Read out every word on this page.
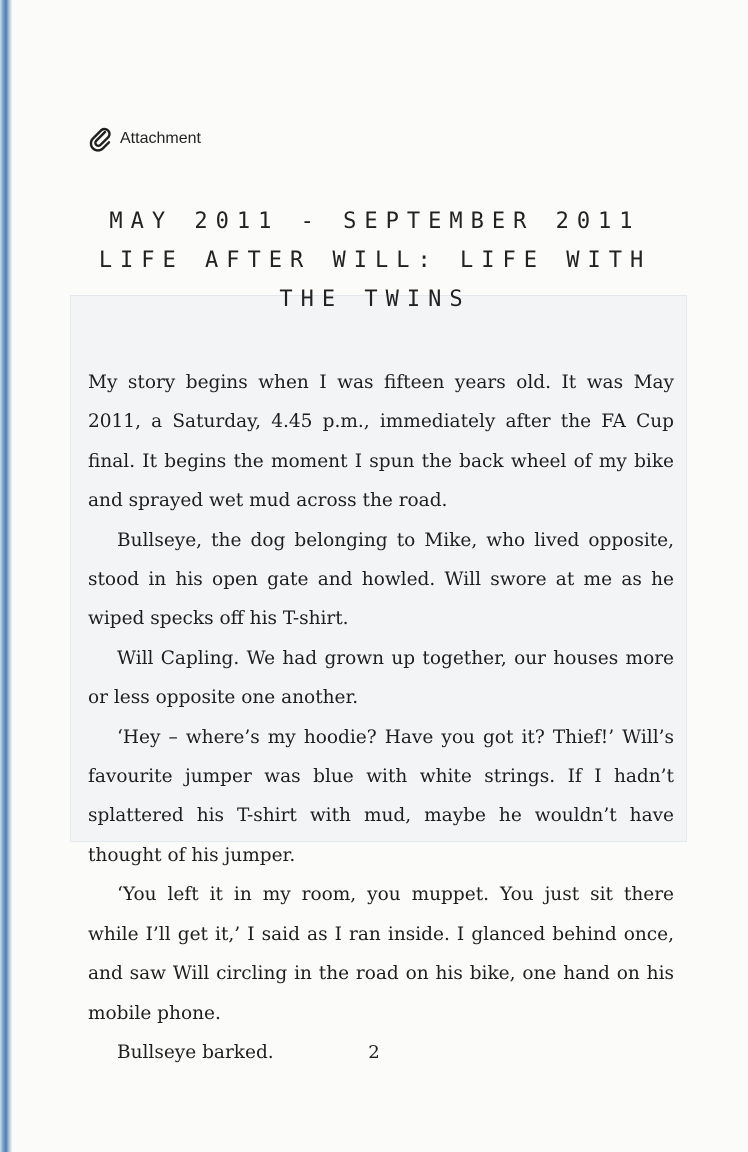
Attachment
MAY 2011 - SEPTEMBER 2011
LIFE AFTER WILL: LIFE WITH
THE TWINS

My story begins when I was fifteen years old. It was May 2011, a Saturday, 4.45 p.m., immediately after the FA Cup final. It begins the moment I spun the back wheel of my bike and sprayed wet mud across the road.

Bullseye, the dog belonging to Mike, who lived opposite, stood in his open gate and howled. Will swore at me as he wiped specks off his T-shirt.

Will Capling. We had grown up together, our houses more or less opposite one another.

‘Hey – where’s my hoodie? Have you got it? Thief!’ Will’s favourite jumper was blue with white strings. If I hadn’t splattered his T-shirt with mud, maybe he wouldn’t have thought of his jumper.

‘You left it in my room, you muppet. You just sit there while I’ll get it,’ I said as I ran inside. I glanced behind once, and saw Will circling in the road on his bike, one hand on his mobile phone.

Bullseye barked.	2
